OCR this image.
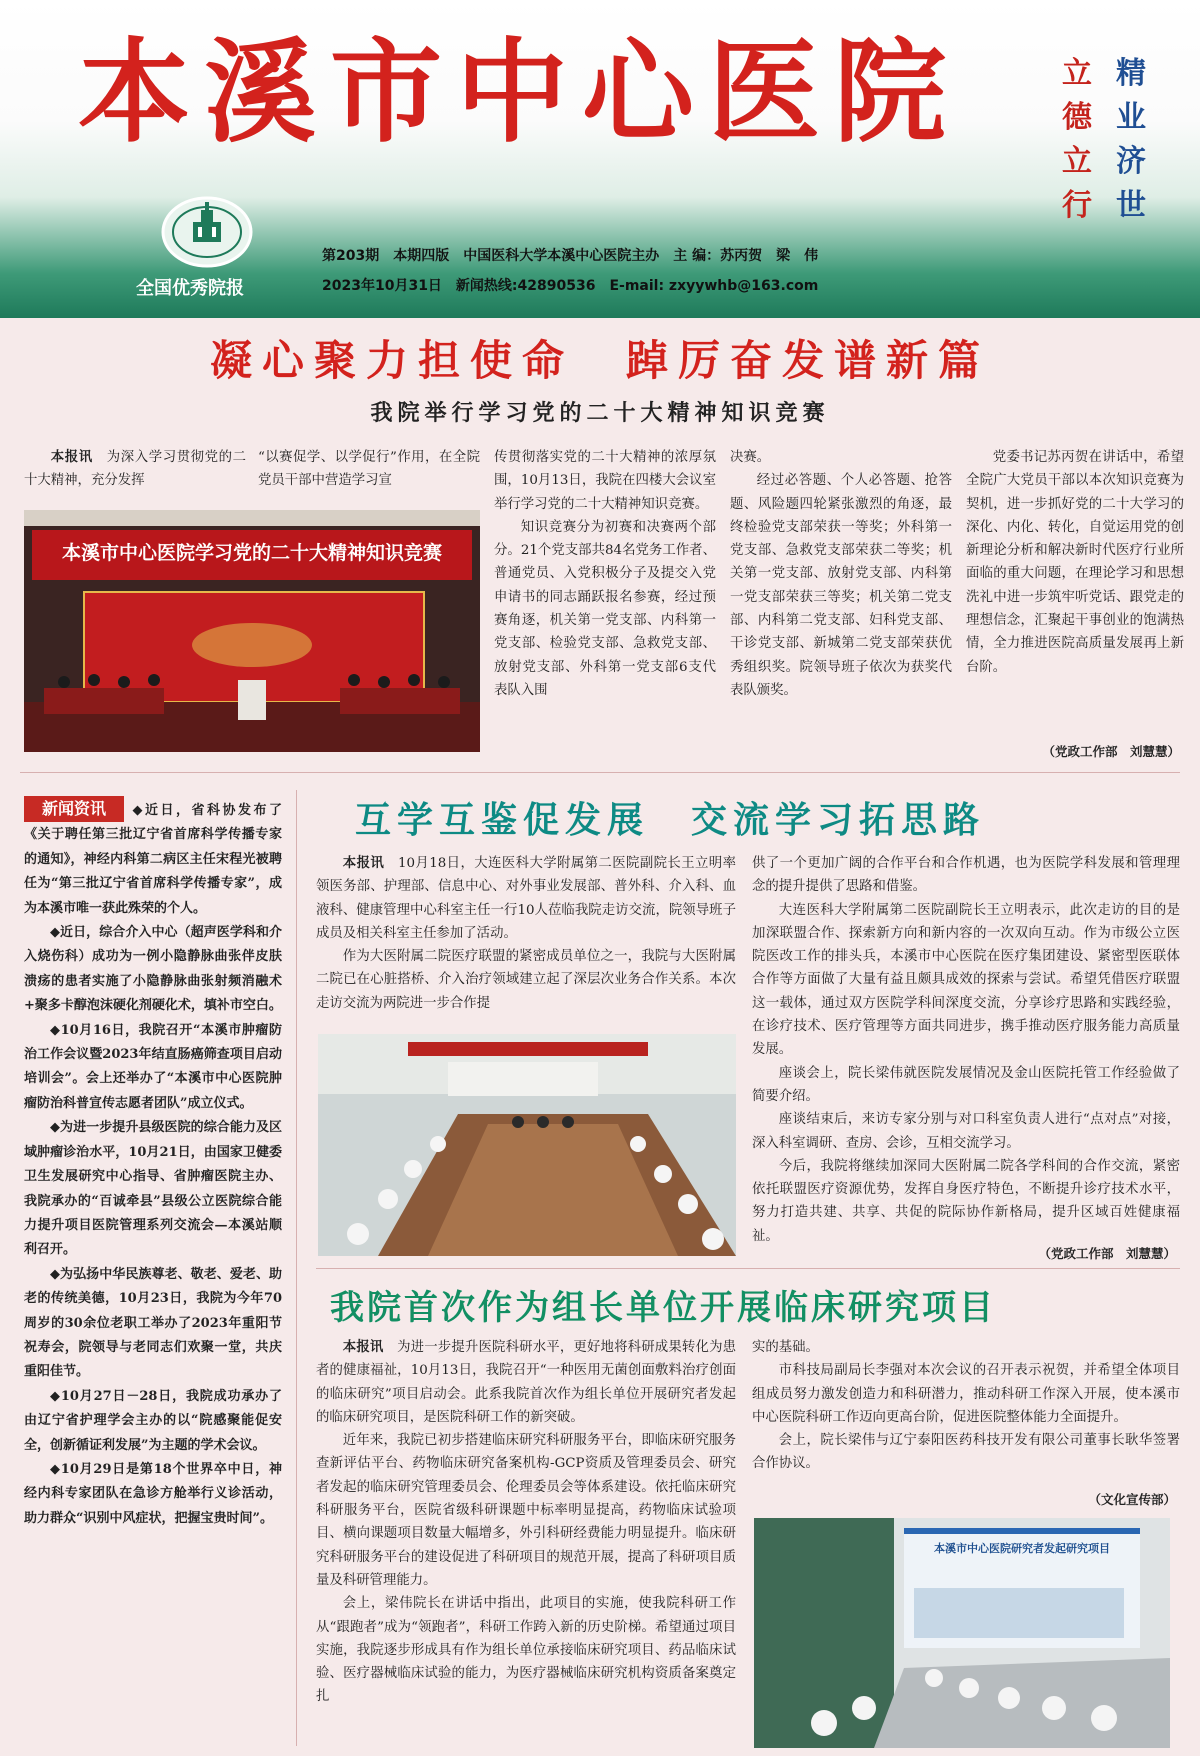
本溪市中心医院	立
德
立
行
精
业
济
世
全国优秀院报
第203期　本期四版　中国医科大学本溪中心医院主办　主 编：苏丙贺　梁　伟
2023年10月31日　新闻热线:42890536　E-mail: zxyywhb@163.com
凝心聚力担使命　踔厉奋发谱新篇
我院举行学习党的二十大精神知识竞赛

本报讯　 为深入学习贯彻党的二十大精神，充分发挥

“以赛促学、以学促行”作用，在全院党员干部中营造学习宣

本溪市中心医院学习党的二十大精神知识竞赛

传贯彻落实党的二十大精神的浓厚氛围，10月13日，我院在四楼大会议室举行学习党的二十大精神知识竞赛。

知识竞赛分为初赛和决赛两个部分。21个党支部共84名党务工作者、普通党员、入党积极分子及提交入党申请书的同志踊跃报名参赛，经过预赛角逐，机关第一党支部、内科第一党支部、检验党支部、急救党支部、放射党支部、外科第一党支部6支代表队入围

决赛。

经过必答题、个人必答题、抢答题、风险题四轮紧张激烈的角逐，最终检验党支部荣获一等奖；外科第一党支部、急救党支部荣获二等奖；机关第一党支部、放射党支部、内科第一党支部荣获三等奖；机关第二党支部、内科第二党支部、妇科党支部、干诊党支部、新城第二党支部荣获优秀组织奖。院领导班子依次为获奖代表队颁奖。

党委书记苏丙贺在讲话中，希望全院广大党员干部以本次知识竞赛为契机，进一步抓好党的二十大学习的深化、内化、转化，自觉运用党的创新理论分析和解决新时代医疗行业所面临的重大问题，在理论学习和思想洗礼中进一步筑牢听党话、跟党走的理想信念，汇聚起干事创业的饱满热情，全力推进医院高质量发展再上新台阶。

（党政工作部　刘慧慧）

新闻资讯 ◆近日，省科协发布了《关于聘任第三批辽宁省首席科学传播专家的通知》，神经内科第二病区主任宋程光被聘任为“第三批辽宁省首席科学传播专家”，成为本溪市唯一获此殊荣的个人。

◆近日，综合介入中心（超声医学科和介入烧伤科）成功为一例小隐静脉曲张伴皮肤溃疡的患者实施了小隐静脉曲张射频消融术+聚多卡醇泡沫硬化剂硬化术，填补市空白。

◆10月16日，我院召开“本溪市肿瘤防治工作会议暨2023年结直肠癌筛查项目启动培训会”。会上还举办了“本溪市中心医院肿瘤防治科普宣传志愿者团队”成立仪式。

◆为进一步提升县级医院的综合能力及区域肿瘤诊治水平，10月21日，由国家卫健委卫生发展研究中心指导、省肿瘤医院主办、我院承办的“百诚牵县”县级公立医院综合能力提升项目医院管理系列交流会—本溪站顺利召开。

◆为弘扬中华民族尊老、敬老、爱老、助老的传统美德，10月23日，我院为今年70周岁的30余位老职工举办了2023年重阳节祝寿会，院领导与老同志们欢聚一堂，共庆重阳佳节。

◆10月27日－28日，我院成功承办了由辽宁省护理学会主办的以“院感聚能促安全，创新循证利发展”为主题的学术会议。

◆10月29日是第18个世界卒中日，神经内科专家团队在急诊方舱举行义诊活动，助力群众“识别中风症状，把握宝贵时间”。

互学互鉴促发展　交流学习拓思路

本报讯　 10月18日，大连医科大学附属第二医院副院长王立明率领医务部、护理部、信息中心、对外事业发展部、普外科、介入科、血液科、健康管理中心科室主任一行10人莅临我院走访交流，院领导班子成员及相关科室主任参加了活动。

作为大医附属二院医疗联盟的紧密成员单位之一，我院与大医附属二院已在心脏搭桥、介入治疗领域建立起了深层次业务合作关系。本次走访交流为两院进一步合作提

供了一个更加广阔的合作平台和合作机遇，也为医院学科发展和管理理念的提升提供了思路和借鉴。

大连医科大学附属第二医院副院长王立明表示，此次走访的目的是加深联盟合作、探索新方向和新内容的一次双向互动。作为市级公立医院医改工作的排头兵，本溪市中心医院在医疗集团建设、紧密型医联体合作等方面做了大量有益且颇具成效的探索与尝试。希望凭借医疗联盟这一载体，通过双方医院学科间深度交流，分享诊疗思路和实践经验，在诊疗技术、医疗管理等方面共同进步，携手推动医疗服务能力高质量发展。

座谈会上，院长梁伟就医院发展情况及金山医院托管工作经验做了简要介绍。

座谈结束后，来访专家分别与对口科室负责人进行“点对点”对接，深入科室调研、查房、会诊，互相交流学习。

今后，我院将继续加深同大医附属二院各学科间的合作交流，紧密依托联盟医疗资源优势，发挥自身医疗特色，不断提升诊疗技术水平，努力打造共建、共享、共促的院际协作新格局，提升区域百姓健康福祉。

（党政工作部　刘慧慧）
我院首次作为组长单位开展临床研究项目

本报讯　 为进一步提升医院科研水平，更好地将科研成果转化为患者的健康福祉，10月13日，我院召开“一种医用无菌创面敷料治疗创面的临床研究”项目启动会。此系我院首次作为组长单位开展研究者发起的临床研究项目，是医院科研工作的新突破。

近年来，我院已初步搭建临床研究科研服务平台，即临床研究服务查新评估平台、药物临床研究备案机构-GCP资质及管理委员会、研究者发起的临床研究管理委员会、伦理委员会等体系建设。依托临床研究科研服务平台，医院省级科研课题中标率明显提高，药物临床试验项目、横向课题项目数量大幅增多，外引科研经费能力明显提升。临床研究科研服务平台的建设促进了科研项目的规范开展，提高了科研项目质量及科研管理能力。

会上，梁伟院长在讲话中指出，此项目的实施，使我院科研工作从“跟跑者”成为“领跑者”，科研工作跨入新的历史阶梯。希望通过项目实施，我院逐步形成具有作为组长单位承接临床研究项目、药品临床试验、医疗器械临床试验的能力，为医疗器械临床研究机构资质备案奠定扎

实的基础。

市科技局副局长李强对本次会议的召开表示祝贺，并希望全体项目组成员努力激发创造力和科研潜力，推动科研工作深入开展，使本溪市中心医院科研工作迈向更高台阶，促进医院整体能力全面提升。

会上，院长梁伟与辽宁泰阳医药科技开发有限公司董事长耿华签署合作协议。

（文化宣传部）
本溪市中心医院研究者发起研究项目
